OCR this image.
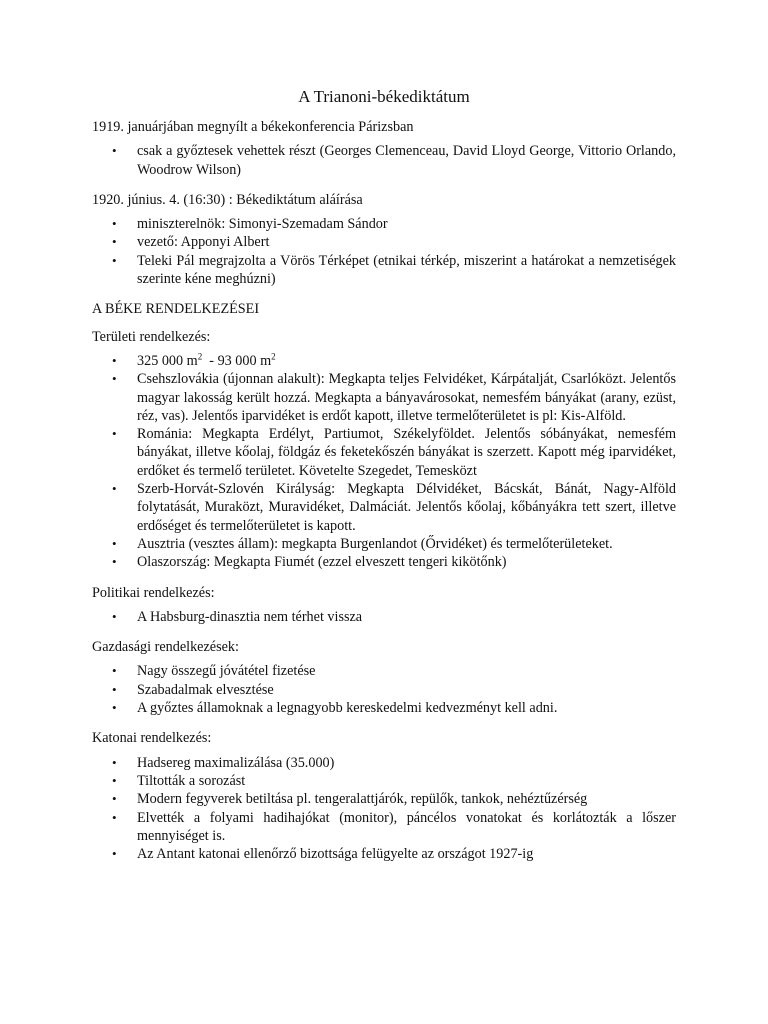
A Trianoni-békediktátum

1919. januárjában megnyílt a békekonferencia Párizsban

• csak a győztesek vehettek részt (Georges Clemenceau, David Lloyd George, Vittorio Orlando, Woodrow Wilson)

1920. június. 4. (16:30) : Békediktátum aláírása

• miniszterelnök: Simonyi-Szemadam Sándor
• vezető: Apponyi Albert
• Teleki Pál megrajzolta a Vörös Térképet (etnikai térkép, miszerint a határokat a nemzetiségek szerinte kéne meghúzni)

A BÉKE RENDELKEZÉSEI

Területi rendelkezés:

• 325 000 $m^2 - 93$ 000 $m^2$
• Csehszlovákia (újonnan alakult): Megkapta teljes Felvidéket, Kárpátalját, Csarlóközt. Jelentős magyar lakosság került hozzá. Megkapta a bányavárosokat, nemesfém bányákat (arany, ezüst, réz, vas). Jelentős iparvidéket is erdőt kapott, illetve termelőterületet is pl: Kis-Alföld.
• Románia: Megkapta Erdélyt, Partiumot, Székelyföldet. Jelentős sóbányákat, nemesfém bányákat, illetve kőolaj, földgáz és feketekőszén bányákat is szerzett. Kapott még iparvidéket, erdőket és termelő területet. Követelte Szegedet, Temesközt
• Szerb-Horvát-Szlovén Királyság: Megkapta Délvidéket, Bácskát, Bánát, Nagy-Alföld folytatását, Muraközt, Muravidéket, Dalmáciát. Jelentős kőolaj, kőbányákra tett szert, illetve erdőséget és termelőterületet is kapott.
• Ausztria (vesztes állam): megkapta Burgenlandot (Őrvidéket) és termelőterületeket.
• Olaszország: Megkapta Fiumét (ezzel elveszett tengeri kikötőnk)

Politikai rendelkezés:

• A Habsburg-dinasztia nem térhet vissza

Gazdasági rendelkezések:

• Nagy összegű jóvátétel fizetése
• Szabadalmak elvesztése
• A győztes államoknak a legnagyobb kereskedelmi kedvezményt kell adni.

Katonai rendelkezés:

• Hadsereg maximalizálása (35.000)
• Tiltották a sorozást
• Modern fegyverek betiltása pl. tengeralattjárók, repülők, tankok, nehéztűzérség
• Elvették a folyami hadihajókat (monitor), páncélos vonatokat és korlátozták a lőszer mennyiséget is.
• Az Antant katonai ellenőrző bizottsága felügyelte az országot 1927-ig
